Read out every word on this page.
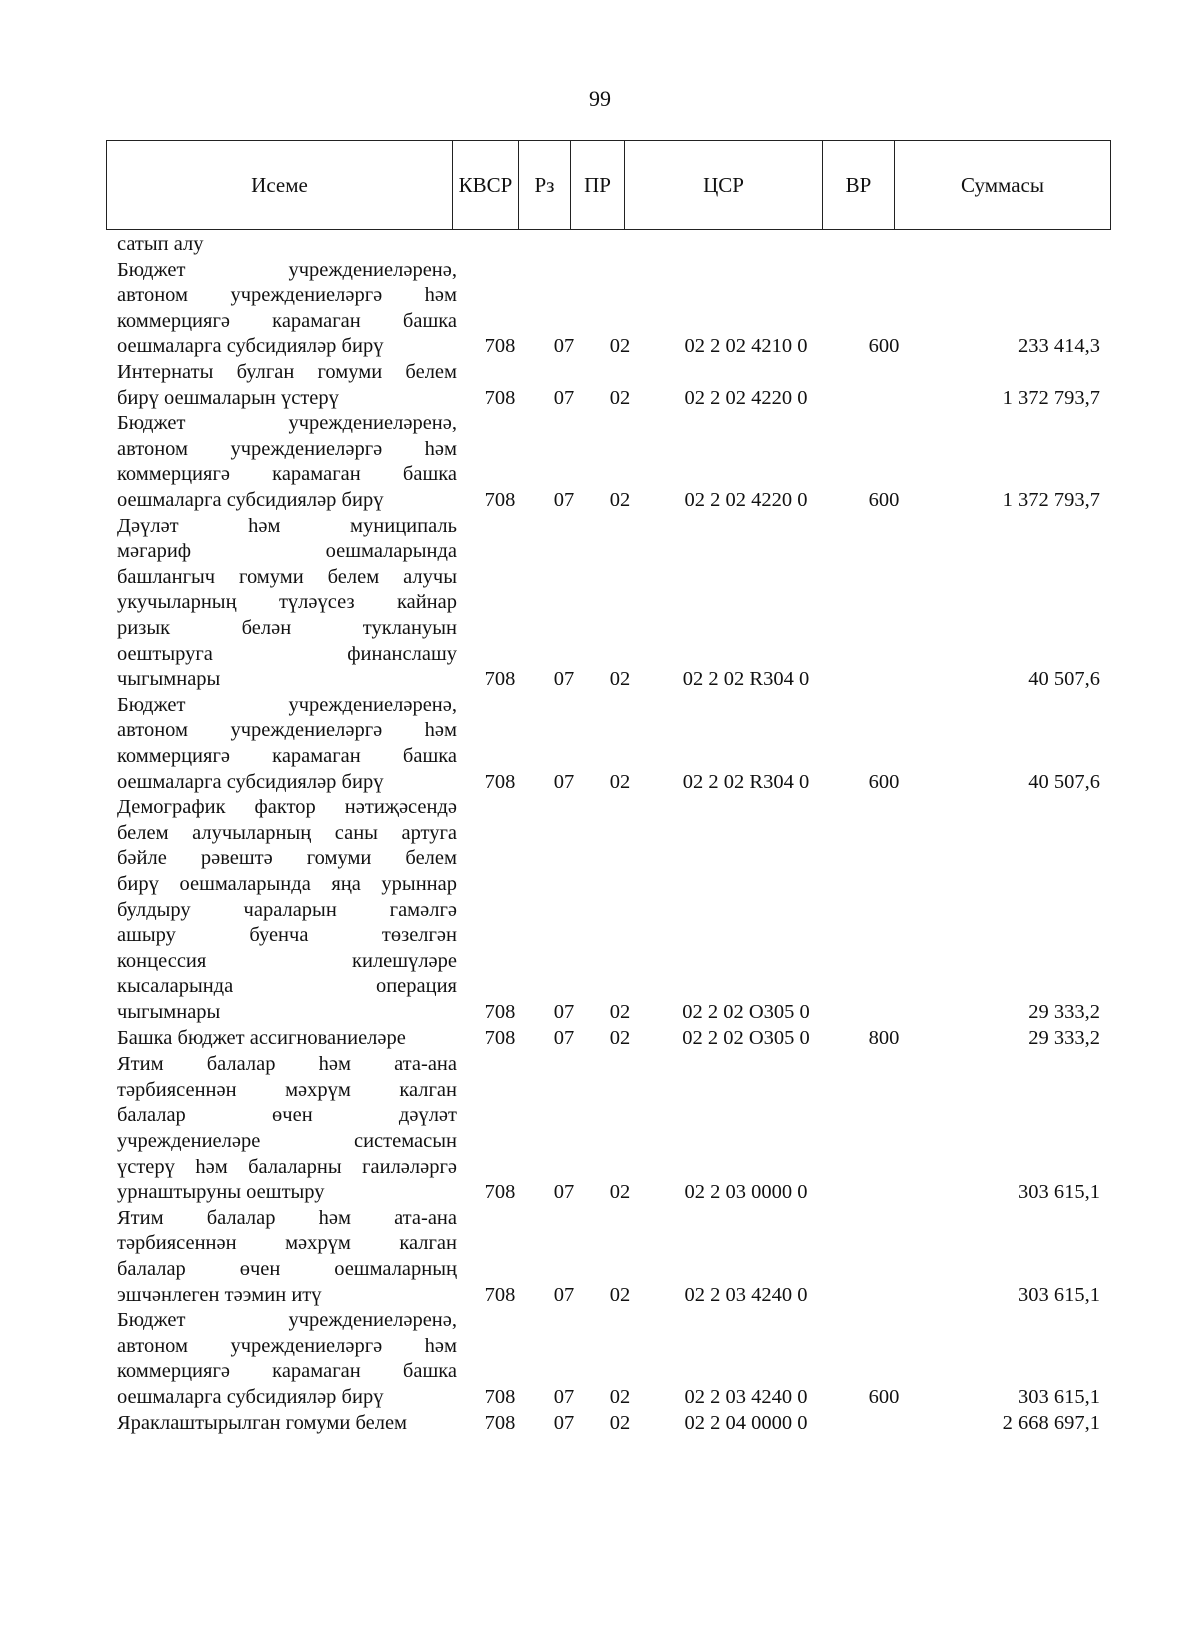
99
Исеме	КВСР	Рз	ПР	ЦСР	ВР	Суммасы
сатып алу
Бюджет учреждениеләренә,
автоном учреждениеләргә һәм
коммерциягә карамаган башка
оешмаларга субсидияләр бирү	708	07	02	02 2 02 4210 0	600	233 414,3
Интернаты булган гомуми белем
бирү оешмаларын үстерү	708	07	02	02 2 02 4220 0	1 372 793,7
Бюджет учреждениеләренә,
автоном учреждениеләргә һәм
коммерциягә карамаган башка
оешмаларга субсидияләр бирү	708	07	02	02 2 02 4220 0	600	1 372 793,7
Дәүләт һәм муниципаль
мәгариф оешмаларында
башлангыч гомуми белем алучы
укучыларның түләүсез кайнар
ризык белән туклануын
оештыруга финанслашу
чыгымнары	708	07	02	02 2 02 R304 0	40 507,6
Бюджет учреждениеләренә,
автоном учреждениеләргә һәм
коммерциягә карамаган башка
оешмаларга субсидияләр бирү	708	07	02	02 2 02 R304 0	600	40 507,6
Демографик фактор нәтиҗәсендә
белем алучыларның саны артуга
бәйле рәвештә гомуми белем
бирү оешмаларында яңа урыннар
булдыру чараларын гамәлгә
ашыру буенча төзелгән
концессия килешүләре
кысаларында операция
чыгымнары	708	07	02	02 2 02 О305 0	29 333,2
Башка бюджет ассигнованиеләре	708	07	02	02 2 02 О305 0	800	29 333,2
Ятим балалар һәм ата-ана
тәрбиясеннән мәхрүм калган
балалар өчен дәүләт
учреждениеләре системасын
үстерү һәм балаларны гаиләләргә
урнаштыруны оештыру	708	07	02	02 2 03 0000 0	303 615,1
Ятим балалар һәм ата-ана
тәрбиясеннән мәхрүм калган
балалар өчен оешмаларның
эшчәнлеген тәэмин итү	708	07	02	02 2 03 4240 0	303 615,1
Бюджет учреждениеләренә,
автоном учреждениеләргә һәм
коммерциягә карамаган башка
оешмаларга субсидияләр бирү	708	07	02	02 2 03 4240 0	600	303 615,1
Яраклаштырылган гомуми белем	708	07	02	02 2 04 0000 0	2 668 697,1
